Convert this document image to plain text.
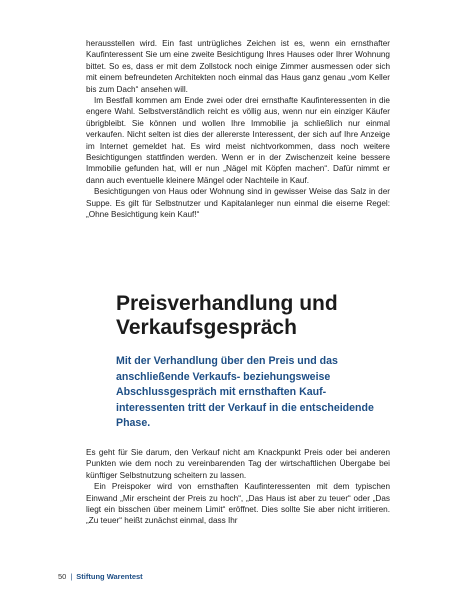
herausstellen wird. Ein fast untrügliches Zeichen ist es, wenn ein ernsthafter Kaufinteressent Sie um eine zweite Besichtigung Ihres Hauses oder Ihrer Wohnung bittet. So es, dass er mit dem Zollstock noch einige Zimmer ausmessen oder sich mit einem befreundeten Architekten noch einmal das Haus ganz genau „vom Keller bis zum Dach“ ansehen will.

Im Bestfall kommen am Ende zwei oder drei ernsthafte Kaufinteressenten in die engere Wahl. Selbstverständlich reicht es völlig aus, wenn nur ein einziger Käufer übrigbleibt. Sie können und wollen Ihre Immobilie ja schließlich nur einmal verkaufen. Nicht selten ist dies der allererste Interessent, der sich auf Ihre Anzeige im Internet gemeldet hat. Es wird meist nichtvorkommen, dass noch weitere Besichtigungen stattfinden werden. Wenn er in der Zwischenzeit keine bessere Immobilie gefunden hat, will er nun „Nägel mit Köpfen machen“. Dafür nimmt er dann auch eventuelle kleinere Mängel oder Nachteile in Kauf.

Besichtigungen von Haus oder Wohnung sind in gewisser Weise das Salz in der Suppe. Es gilt für Selbstnutzer und Kapitalanleger nun einmal die eiserne Regel: „Ohne Besichtigung kein Kauf!“

Preisverhandlung und
Verkaufsgespräch

Mit der Verhandlung über den Preis und das anschließende Verkaufs- beziehungsweise Abschlussgespräch mit ernsthaften Kaufinteressenten tritt der Verkauf in die entscheidende Phase.

Es geht für Sie darum, den Verkauf nicht am Knackpunkt Preis oder bei anderen Punkten wie dem noch zu vereinbarenden Tag der wirtschaftlichen Übergabe bei künftiger Selbstnutzung scheitern zu lassen.

Ein Preispoker wird von ernsthaften Kaufinteressenten mit dem typischen Einwand „Mir erscheint der Preis zu hoch“, „Das Haus ist aber zu teuer“ oder „Das liegt ein bisschen über meinem Limit“ eröffnet. Dies sollte Sie aber nicht irritieren. „Zu teuer“ heißt zunächst einmal, dass Ihr

50 | Stiftung Warentest
